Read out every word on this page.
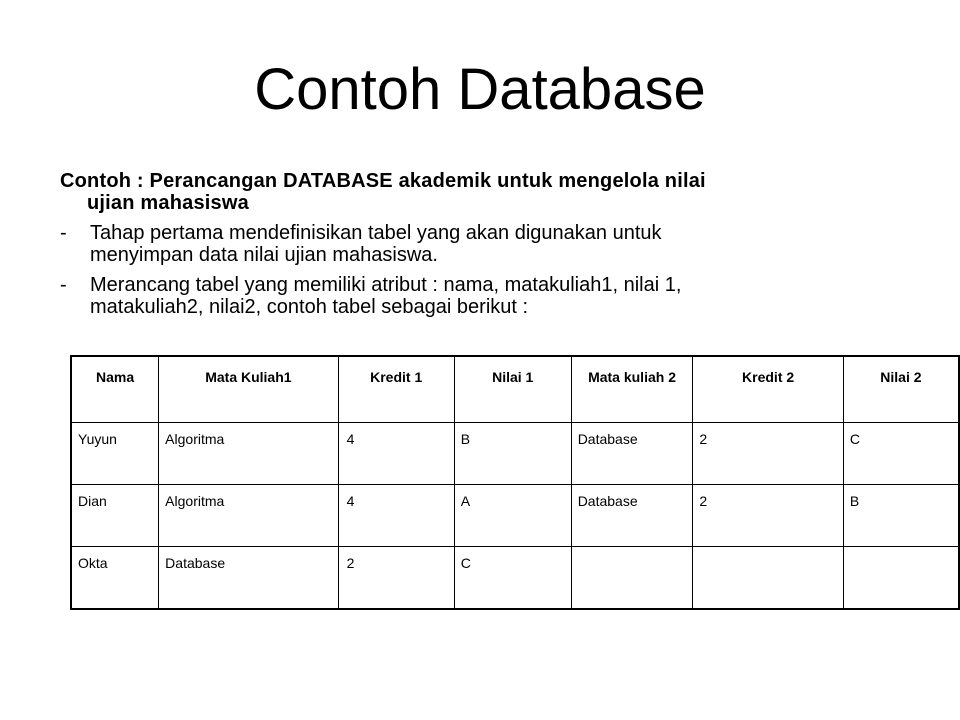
Contoh Database
Contoh : Perancangan DATABASE akademik untuk mengelola nilai
ujian mahasiswa
- Tahap pertama mendefinisikan tabel yang akan digunakan untuk
menyimpan data nilai ujian mahasiswa.
- Merancang tabel yang memiliki atribut : nama, matakuliah1, nilai 1,
matakuliah2, nilai2, contoh tabel sebagai berikut :
Nama	Mata Kuliah1	Kredit 1	Nilai 1	Mata kuliah 2	Kredit 2	Nilai 2
Yuyun	Algoritma	4	B	Database	2	C
Dian	Algoritma	4	A	Database	2	B
Okta	Database	2	C			
